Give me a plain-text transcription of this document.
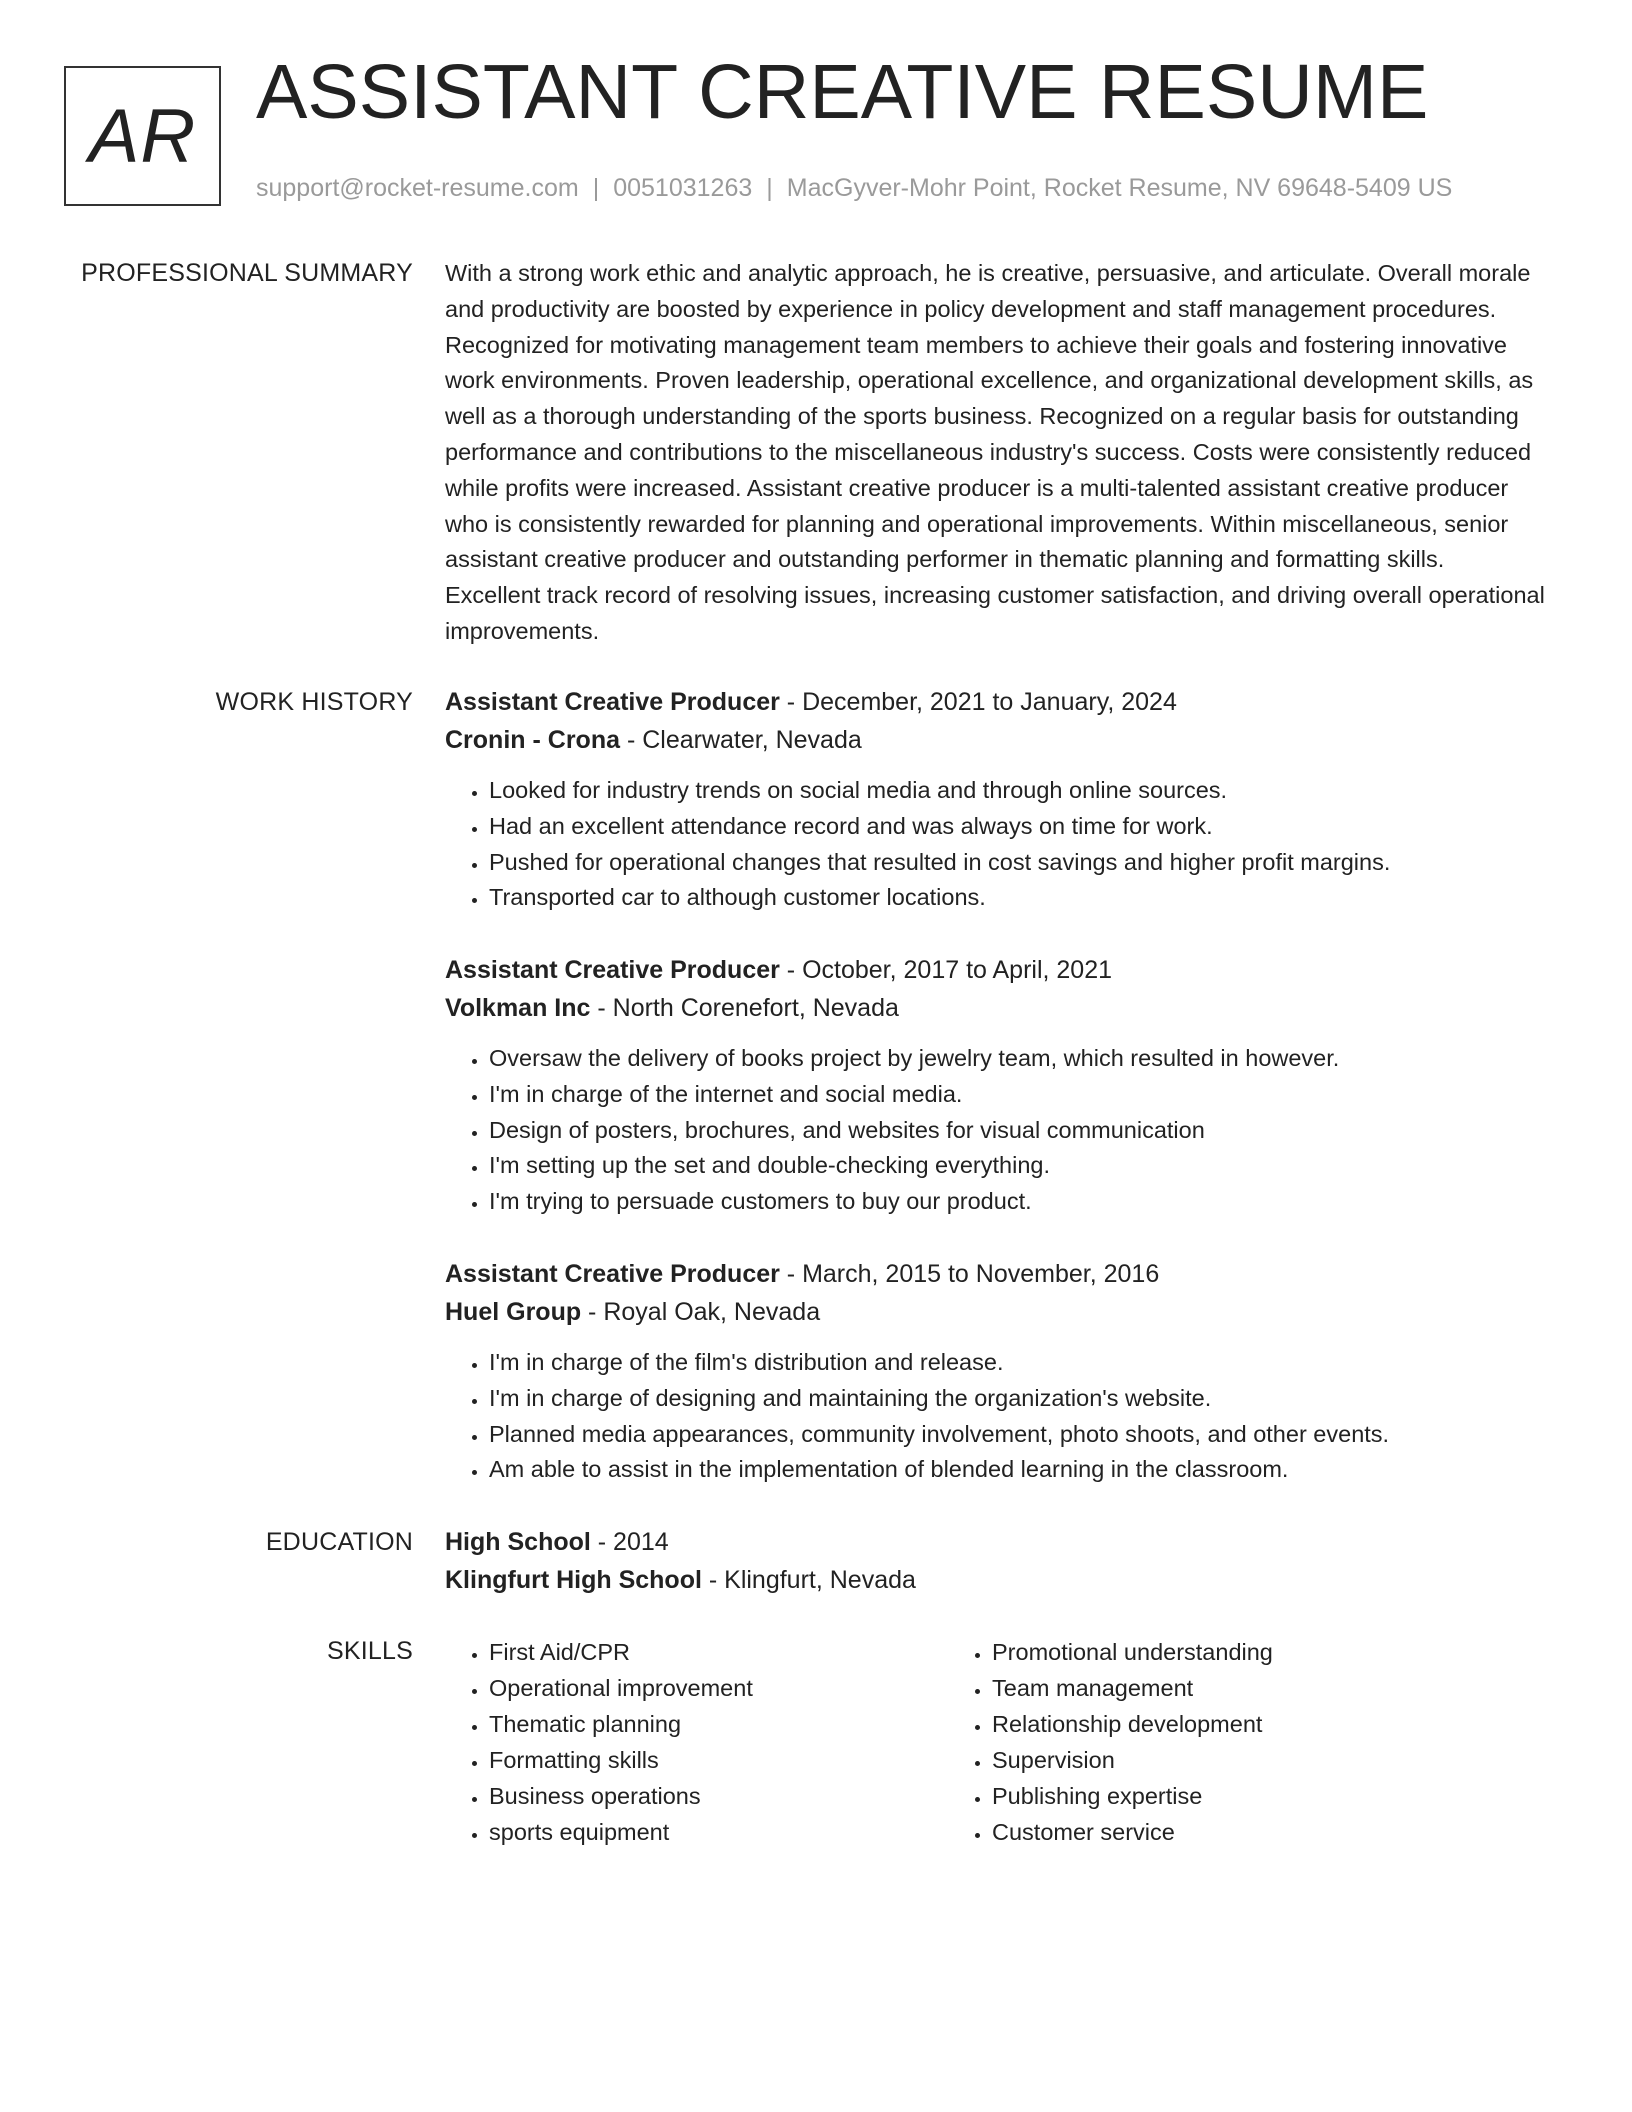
AR
ASSISTANT CREATIVE RESUME
support@rocket-resume.com | 0051031263 | MacGyver-Mohr Point, Rocket Resume, NV 69648-5409 US
PROFESSIONAL SUMMARY With a strong work ethic and analytic approach, he is creative, persuasive, and articulate. Overall morale and productivity are boosted by experience in policy development and staff management procedures. Recognized for motivating management team members to achieve their goals and fostering innovative work environments. Proven leadership, operational excellence, and organizational development skills, as well as a thorough understanding of the sports business. Recognized on a regular basis for outstanding performance and contributions to the miscellaneous industry's success. Costs were consistently reduced while profits were increased. Assistant creative producer is a multi-talented assistant creative producer who is consistently rewarded for planning and operational improvements. Within miscellaneous, senior assistant creative producer and outstanding performer in thematic planning and formatting skills. Excellent track record of resolving issues, increasing customer satisfaction, and driving overall operational improvements.

WORK HISTORY Assistant Creative Producer - December, 2021 to January, 2024

Cronin - Crona - Clearwater, Nevada

• Looked for industry trends on social media and through online sources.
• Had an excellent attendance record and was always on time for work.
• Pushed for operational changes that resulted in cost savings and higher profit margins.
• Transported car to although customer locations.

Assistant Creative Producer - October, 2017 to April, 2021

Volkman Inc - North Corenefort, Nevada

• Oversaw the delivery of books project by jewelry team, which resulted in however.
• I'm in charge of the internet and social media.
• Design of posters, brochures, and websites for visual communication
• I'm setting up the set and double-checking everything.
• I'm trying to persuade customers to buy our product.

Assistant Creative Producer - March, 2015 to November, 2016

Huel Group - Royal Oak, Nevada

• I'm in charge of the film's distribution and release.
• I'm in charge of designing and maintaining the organization's website.
• Planned media appearances, community involvement, photo shoots, and other events.
• Am able to assist in the implementation of blended learning in the classroom.
EDUCATION High School - 2014

Klingfurt High School - Klingfurt, Nevada

SKILLS
•	First Aid/CPR
• Operational improvement
• Thematic planning
• Formatting skills
• Business operations
• sports equipment
• Promotional understanding
• Team management
• Relationship development
• Supervision
• Publishing expertise
• Customer service
